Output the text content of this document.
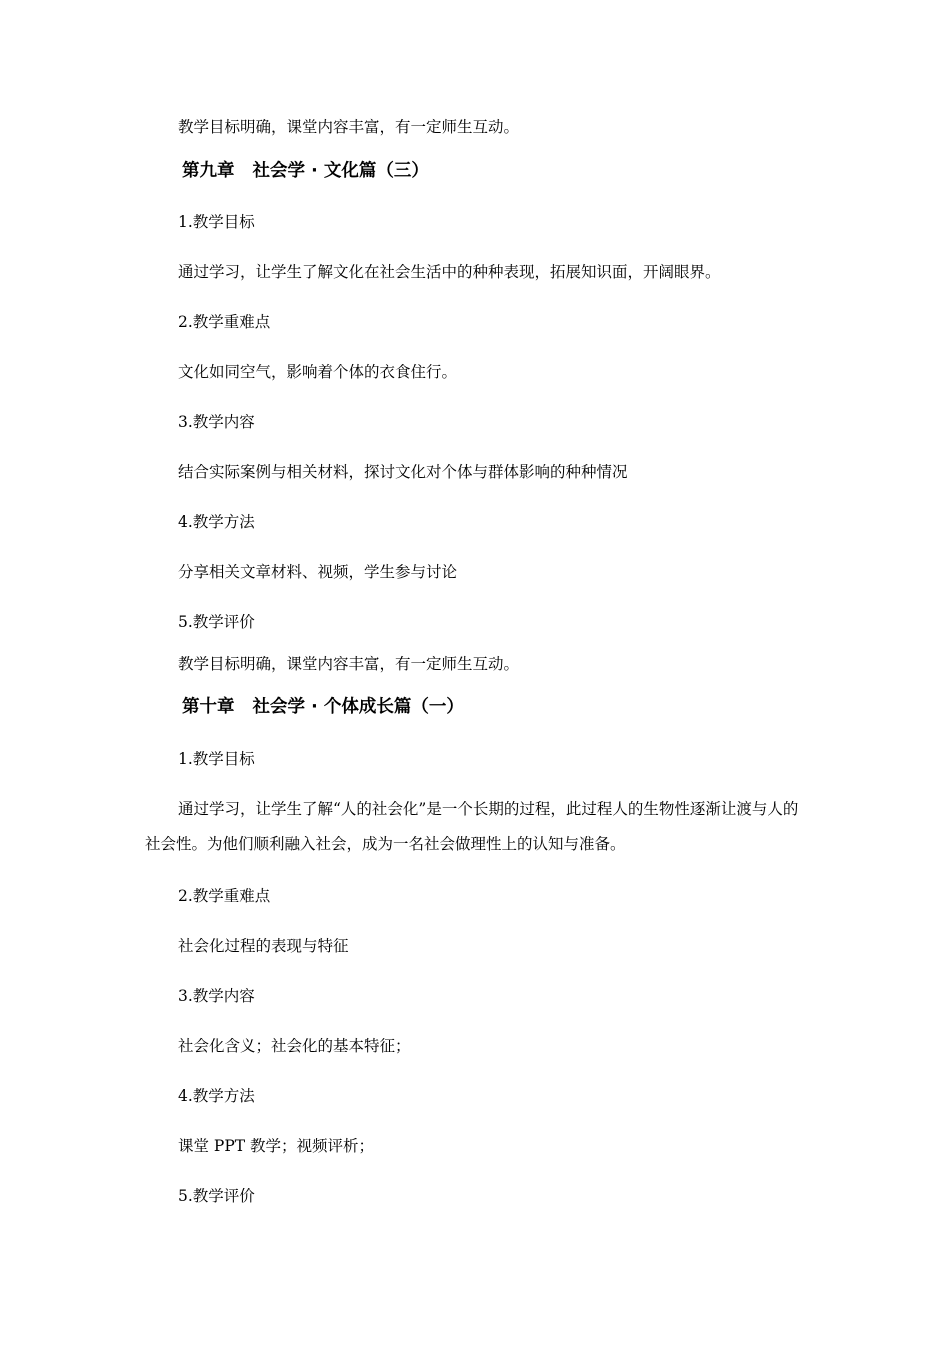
教学目标明确，课堂内容丰富，有一定师生互动。

第九章 社会学 · 文化篇（三）

1.教学目标

通过学习，让学生了解文化在社会生活中的种种表现，拓展知识面，开阔眼界。

2.教学重难点

文化如同空气，影响着个体的衣食住行。

3.教学内容

结合实际案例与相关材料，探讨文化对个体与群体影响的种种情况

4.教学方法

分享相关文章材料、视频，学生参与讨论

5.教学评价

教学目标明确，课堂内容丰富，有一定师生互动。

第十章 社会学 · 个体成长篇（一）

1.教学目标

通过学习，让学生了解“人的社会化”是一个长期的过程，此过程人的生物性逐渐让渡与人的社会性。为他们顺利融入社会，成为一名社会做理性上的认知与准备。

2.教学重难点

社会化过程的表现与特征

3.教学内容

社会化含义；社会化的基本特征；

4.教学方法

课堂 PPT 教学；视频评析；

5.教学评价
